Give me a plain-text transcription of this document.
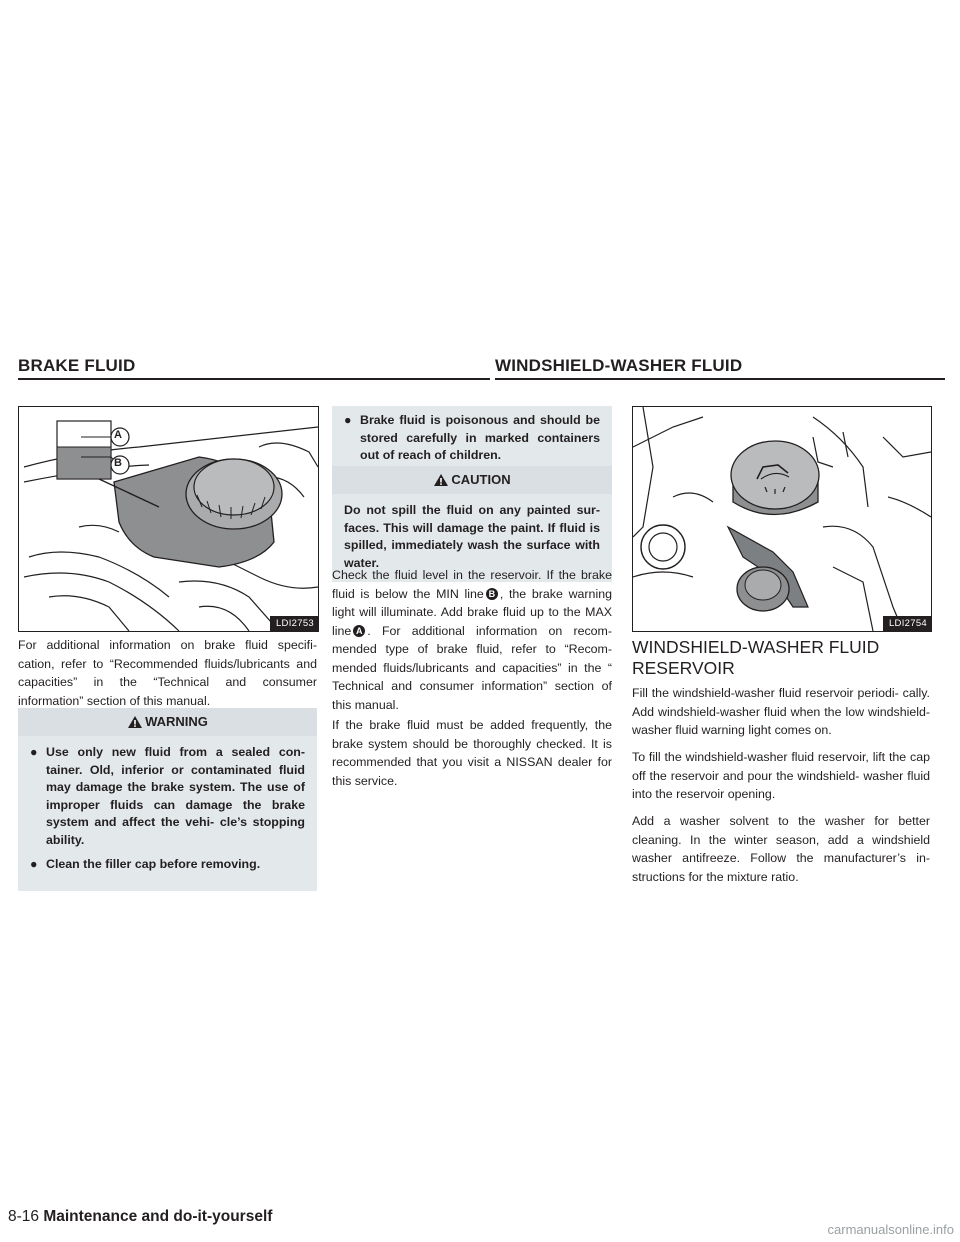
BRAKE FLUID	WINDSHIELD-WASHER FLUID
A
B
LDI2753

For additional information on brake fluid specifi- cation, refer to “Recommended fluids/lubricants and capacities” in the “Technical and consumer information” section of this manual.

WARNING
● Use only new fluid from a sealed con- tainer. Old, inferior or contaminated fluid may damage the brake system. The use of improper fluids can damage the brake system and affect the vehi- cle’s stopping ability.
● Clean the filler cap before removing.
● Brake fluid is poisonous and should be stored carefully in marked containers out of reach of children.
CAUTION
Do not spill the fluid on any painted sur- faces. This will damage the paint. If fluid is spilled, immediately wash the surface with water.

Check the fluid level in the reservoir. If the brake fluid is below the MIN line B , the brake warning light will illuminate. Add brake fluid up to the MAX line A . For additional information on recom- mended type of brake fluid, refer to “Recom- mended fluids/lubricants and capacities” in the “ Technical and consumer information” section of this manual.

If the brake fluid must be added frequently, the brake system should be thoroughly checked. It is recommended that you visit a NISSAN dealer for this service.

LDI2754
WINDSHIELD-WASHER FLUID RESERVOIR

Fill the windshield-washer fluid reservoir periodi- cally. Add windshield-washer fluid when the low windshield-washer fluid warning light comes on.

To fill the windshield-washer fluid reservoir, lift the cap off the reservoir and pour the windshield- washer fluid into the reservoir opening.

Add a washer solvent to the washer for better cleaning. In the winter season, add a windshield washer antifreeze. Follow the manufacturer’s in- structions for the mixture ratio.

8-16 Maintenance and do-it-yourself
carmanualsonline.info
